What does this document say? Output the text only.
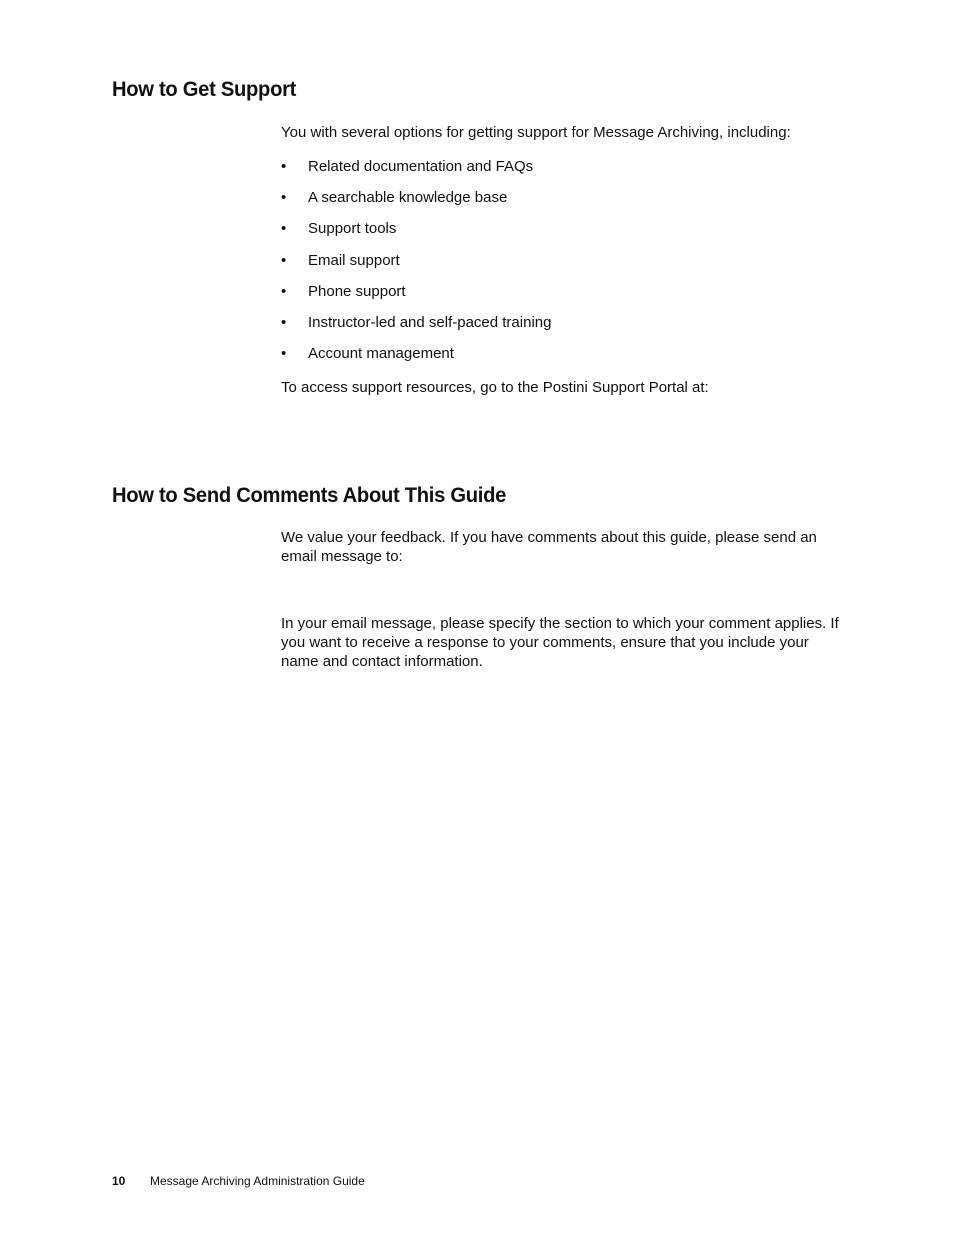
How to Get Support

You with several options for getting support for Message Archiving, including:

•	Related documentation and FAQs
•	A searchable knowledge base
•	Support tools
•	Email support
•	Phone support
•	Instructor-led and self-paced training
•	Account management

To access support resources, go to the Postini Support Portal at:

How to Send Comments About This Guide

We value your feedback. If you have comments about this guide, please send an email message to:

In your email message, please specify the section to which your comment applies. If you want to receive a response to your comments, ensure that you include your name and contact information.

10 Message Archiving Administration Guide
